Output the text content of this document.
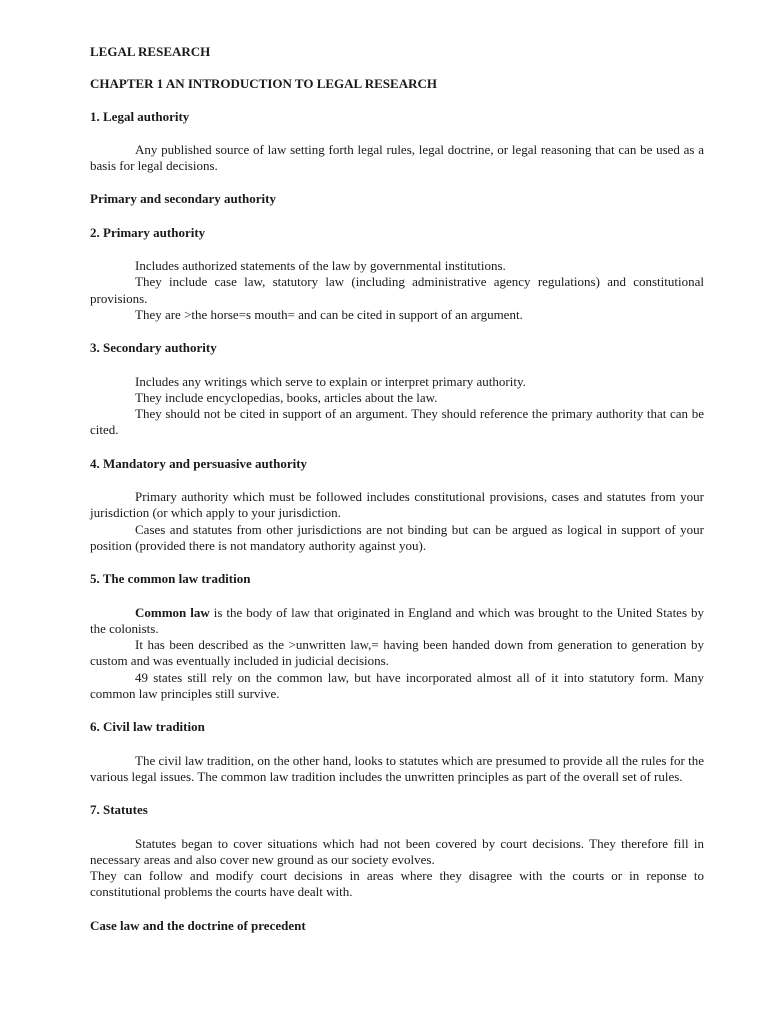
LEGAL RESEARCH
CHAPTER 1 AN INTRODUCTION TO LEGAL RESEARCH
1. Legal authority

Any published source of law setting forth legal rules, legal doctrine, or legal reasoning that can be used as a basis for legal decisions.

Primary and secondary authority
2. Primary authority

Includes authorized statements of the law by governmental institutions.

They include case law, statutory law (including administrative agency regulations) and constitutional provisions.

They are >the horse=s mouth= and can be cited in support of an argument.

3. Secondary authority

Includes any writings which serve to explain or interpret primary authority.

They include encyclopedias, books, articles about the law.

They should not be cited in support of an argument. They should reference the primary authority that can be cited.

4. Mandatory and persuasive authority

Primary authority which must be followed includes constitutional provisions, cases and statutes from your jurisdiction (or which apply to your jurisdiction.

Cases and statutes from other jurisdictions are not binding but can be argued as logical in support of your position (provided there is not mandatory authority against you).

5. The common law tradition

Common law is the body of law that originated in England and which was brought to the United States by the colonists.

It has been described as the >unwritten law,= having been handed down from generation to generation by custom and was eventually included in judicial decisions.

49 states still rely on the common law, but have incorporated almost all of it into statutory form. Many common law principles still survive.

6. Civil law tradition

The civil law tradition, on the other hand, looks to statutes which are presumed to provide all the rules for the various legal issues. The common law tradition includes the unwritten principles as part of the overall set of rules.

7. Statutes

Statutes began to cover situations which had not been covered by court decisions. They therefore fill in necessary areas and also cover new ground as our society evolves.

They can follow and modify court decisions in areas where they disagree with the courts or in reponse to constitutional problems the courts have dealt with.

Case law and the doctrine of precedent
